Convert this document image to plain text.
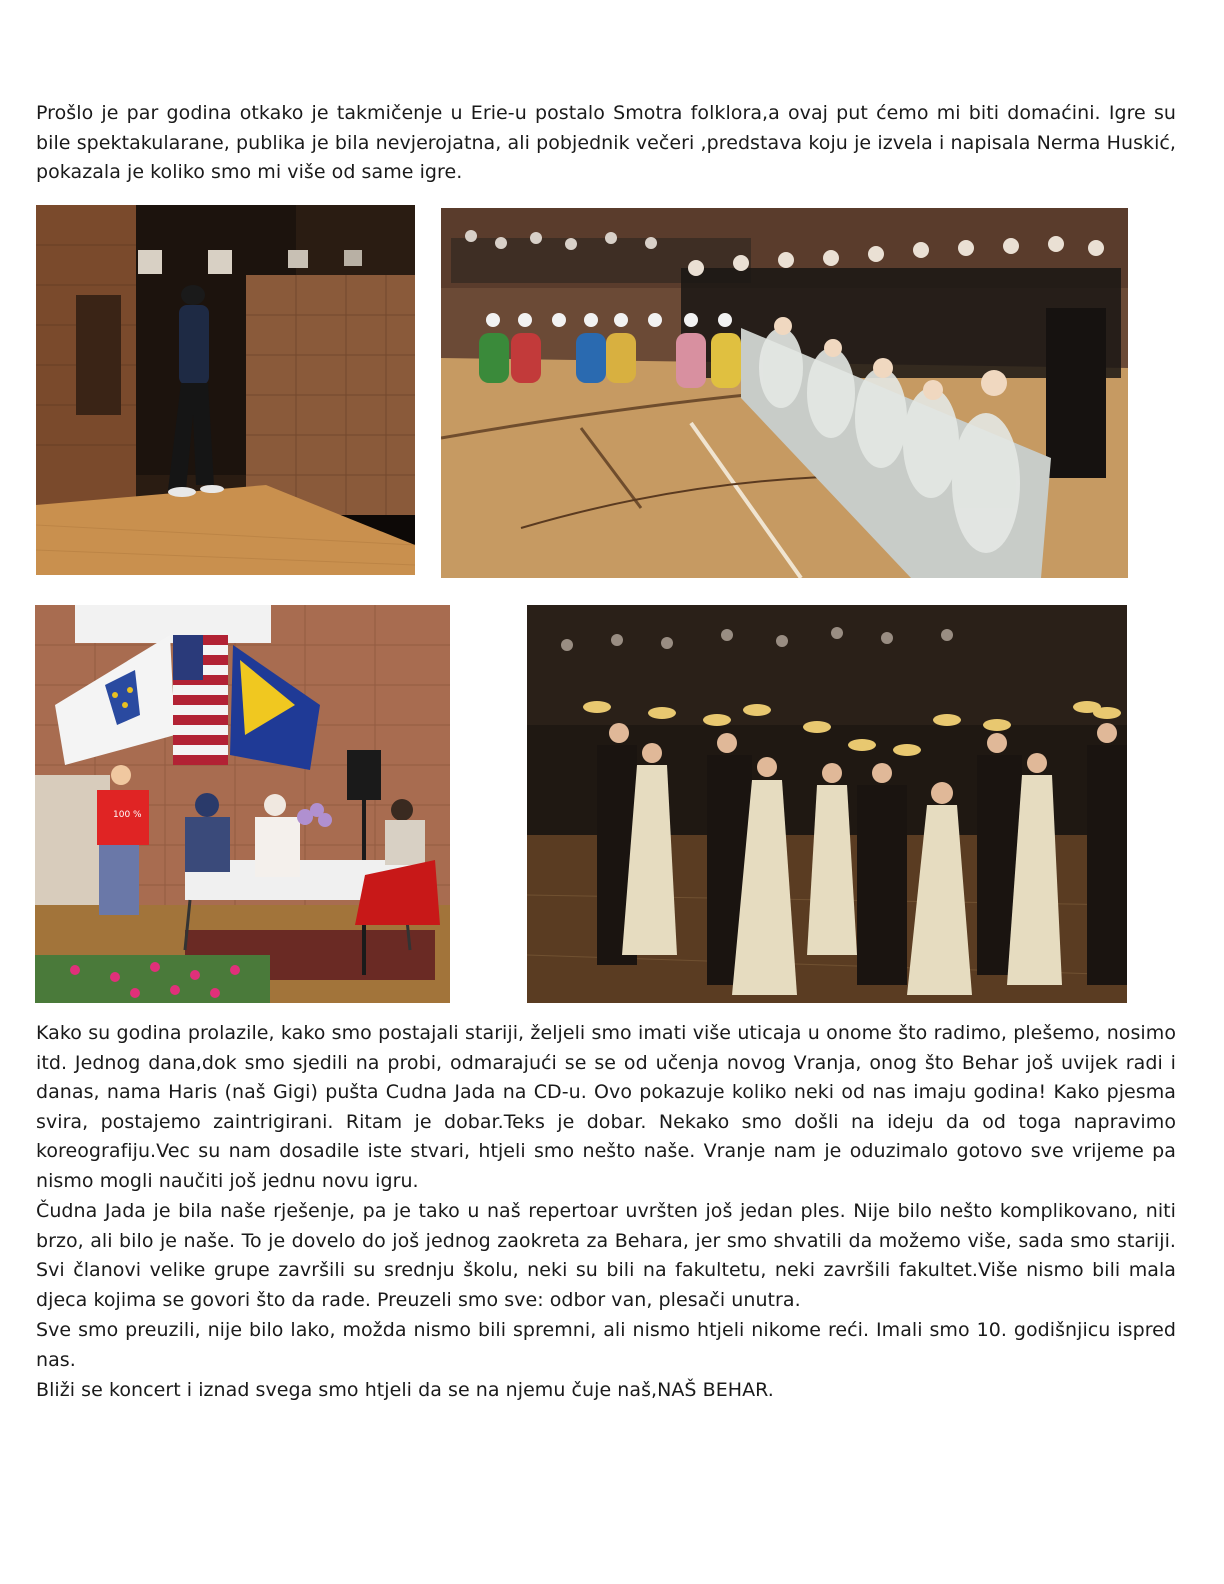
Prošlo je par godina otkako je takmičenje u Erie-u postalo Smotra folklora,a ovaj put ćemo mi biti domaćini. Igre su bile spektakularane, publika je bila nevjerojatna, ali pobjednik večeri ,predstava koju je izvela i napisala Nerma Huskić, pokazala je koliko smo mi više od same igre.

100 %

Kako su godina prolazile, kako smo postajali stariji, željeli smo imati više uticaja u onome što radimo, plešemo, nosimo itd. Jednog dana,dok smo sjedili na probi, odmarajući se se od učenja novog Vranja, onog što Behar još uvijek radi i danas, nama Haris (naš Gigi) pušta Cudna Jada na CD-u. Ovo pokazuje koliko neki od nas imaju godina! Kako pjesma svira, postajemo zaintrigirani. Ritam je dobar.Teks je dobar. Nekako smo došli na ideju da od toga napravimo koreografiju.Vec su nam dosadile iste stvari, htjeli smo nešto naše. Vranje nam je oduzimalo gotovo sve vrijeme pa nismo mogli naučiti još jednu novu igru.

Čudna Jada je bila naše rješenje, pa je tako u naš repertoar uvršten još jedan ples. Nije bilo nešto komplikovano, niti brzo, ali bilo je naše. To je dovelo do još jednog zaokreta za Behara, jer smo shvatili da možemo više, sada smo stariji. Svi članovi velike grupe završili su srednju školu, neki su bili na fakultetu, neki završili fakultet.Više nismo bili mala djeca kojima se govori što da rade. Preuzeli smo sve: odbor van, plesači unutra.

Sve smo preuzili, nije bilo lako, možda nismo bili spremni, ali nismo htjeli nikome reći. Imali smo 10. godišnjicu ispred nas.

Bliži se koncert i iznad svega smo htjeli da se na njemu čuje naš,NAŠ BEHAR.
